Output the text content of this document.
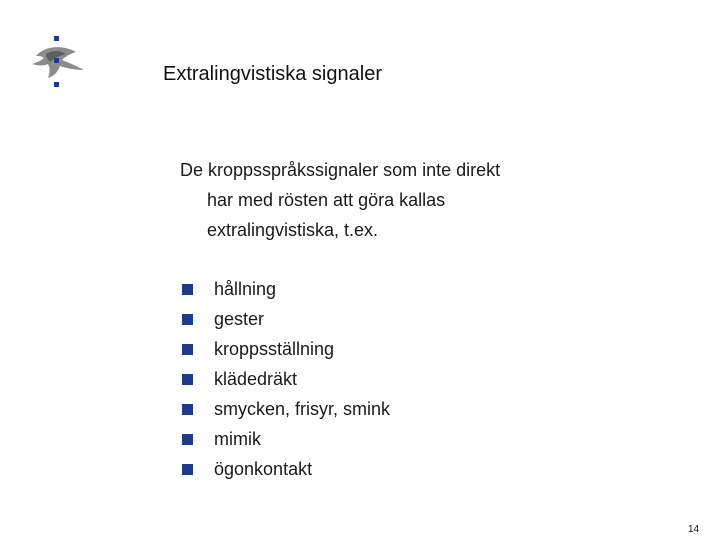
Extralingvistiska signaler
De kroppsspråkssignaler som inte direkt
har med rösten att göra kallas
extralingvistiska, t.ex.
hållning
gester
kroppsställning
klädedräkt
smycken, frisyr, smink
mimik
ögonkontakt
14
